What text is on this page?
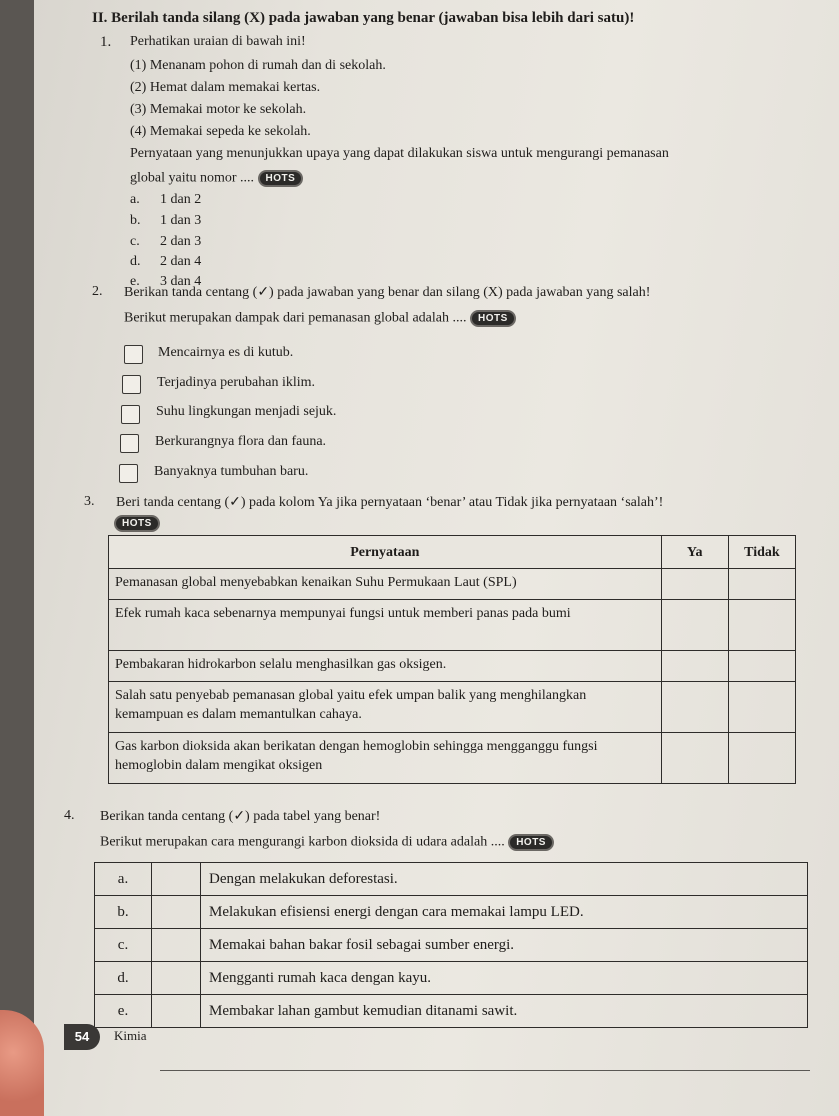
II. Berilah tanda silang (X) pada jawaban yang benar (jawaban bisa lebih dari satu)!
1. Perhatikan uraian di bawah ini!
(1) Menanam pohon di rumah dan di sekolah.
(2) Hemat dalam memakai kertas.
(3) Memakai motor ke sekolah.
(4) Memakai sepeda ke sekolah.
Pernyataan yang menunjukkan upaya yang dapat dilakukan siswa untuk mengurangi pemanasan
global yaitu nomor .... HOTS
a. 1 dan 2
b. 1 dan 3
c. 2 dan 3
d. 2 dan 4
e. 3 dan 4
2. Berikan tanda centang (✓) pada jawaban yang benar dan silang (X) pada jawaban yang salah!
Berikut merupakan dampak dari pemanasan global adalah .... HOTS
Mencairnya es di kutub.
Terjadinya perubahan iklim.
Suhu lingkungan menjadi sejuk.
Berkurangnya flora dan fauna.
Banyaknya tumbuhan baru.
3. Beri tanda centang (✓) pada kolom Ya jika pernyataan ‘benar’ atau Tidak jika pernyataan ‘salah’!
HOTS
Pernyataan	Ya	Tidak
Pemanasan global menyebabkan kenaikan Suhu Permukaan Laut (SPL)		
Efek rumah kaca sebenarnya mempunyai fungsi untuk memberi panas pada bumi		
Pembakaran hidrokarbon selalu menghasilkan gas oksigen.		
Salah satu penyebab pemanasan global yaitu efek umpan balik yang menghilangkan kemampuan es dalam memantulkan cahaya.		
Gas karbon dioksida akan berikatan dengan hemoglobin sehingga mengganggu fungsi hemoglobin dalam mengikat oksigen		
4. Berikan tanda centang (✓) pada tabel yang benar!
Berikut merupakan cara mengurangi karbon dioksida di udara adalah .... HOTS
a.		Dengan melakukan deforestasi.
b.		Melakukan efisiensi energi dengan cara memakai lampu LED.
c.		Memakai bahan bakar fosil sebagai sumber energi.
d.		Mengganti rumah kaca dengan kayu.
e.		Membakar lahan gambut kemudian ditanami sawit.
54	Kimia
